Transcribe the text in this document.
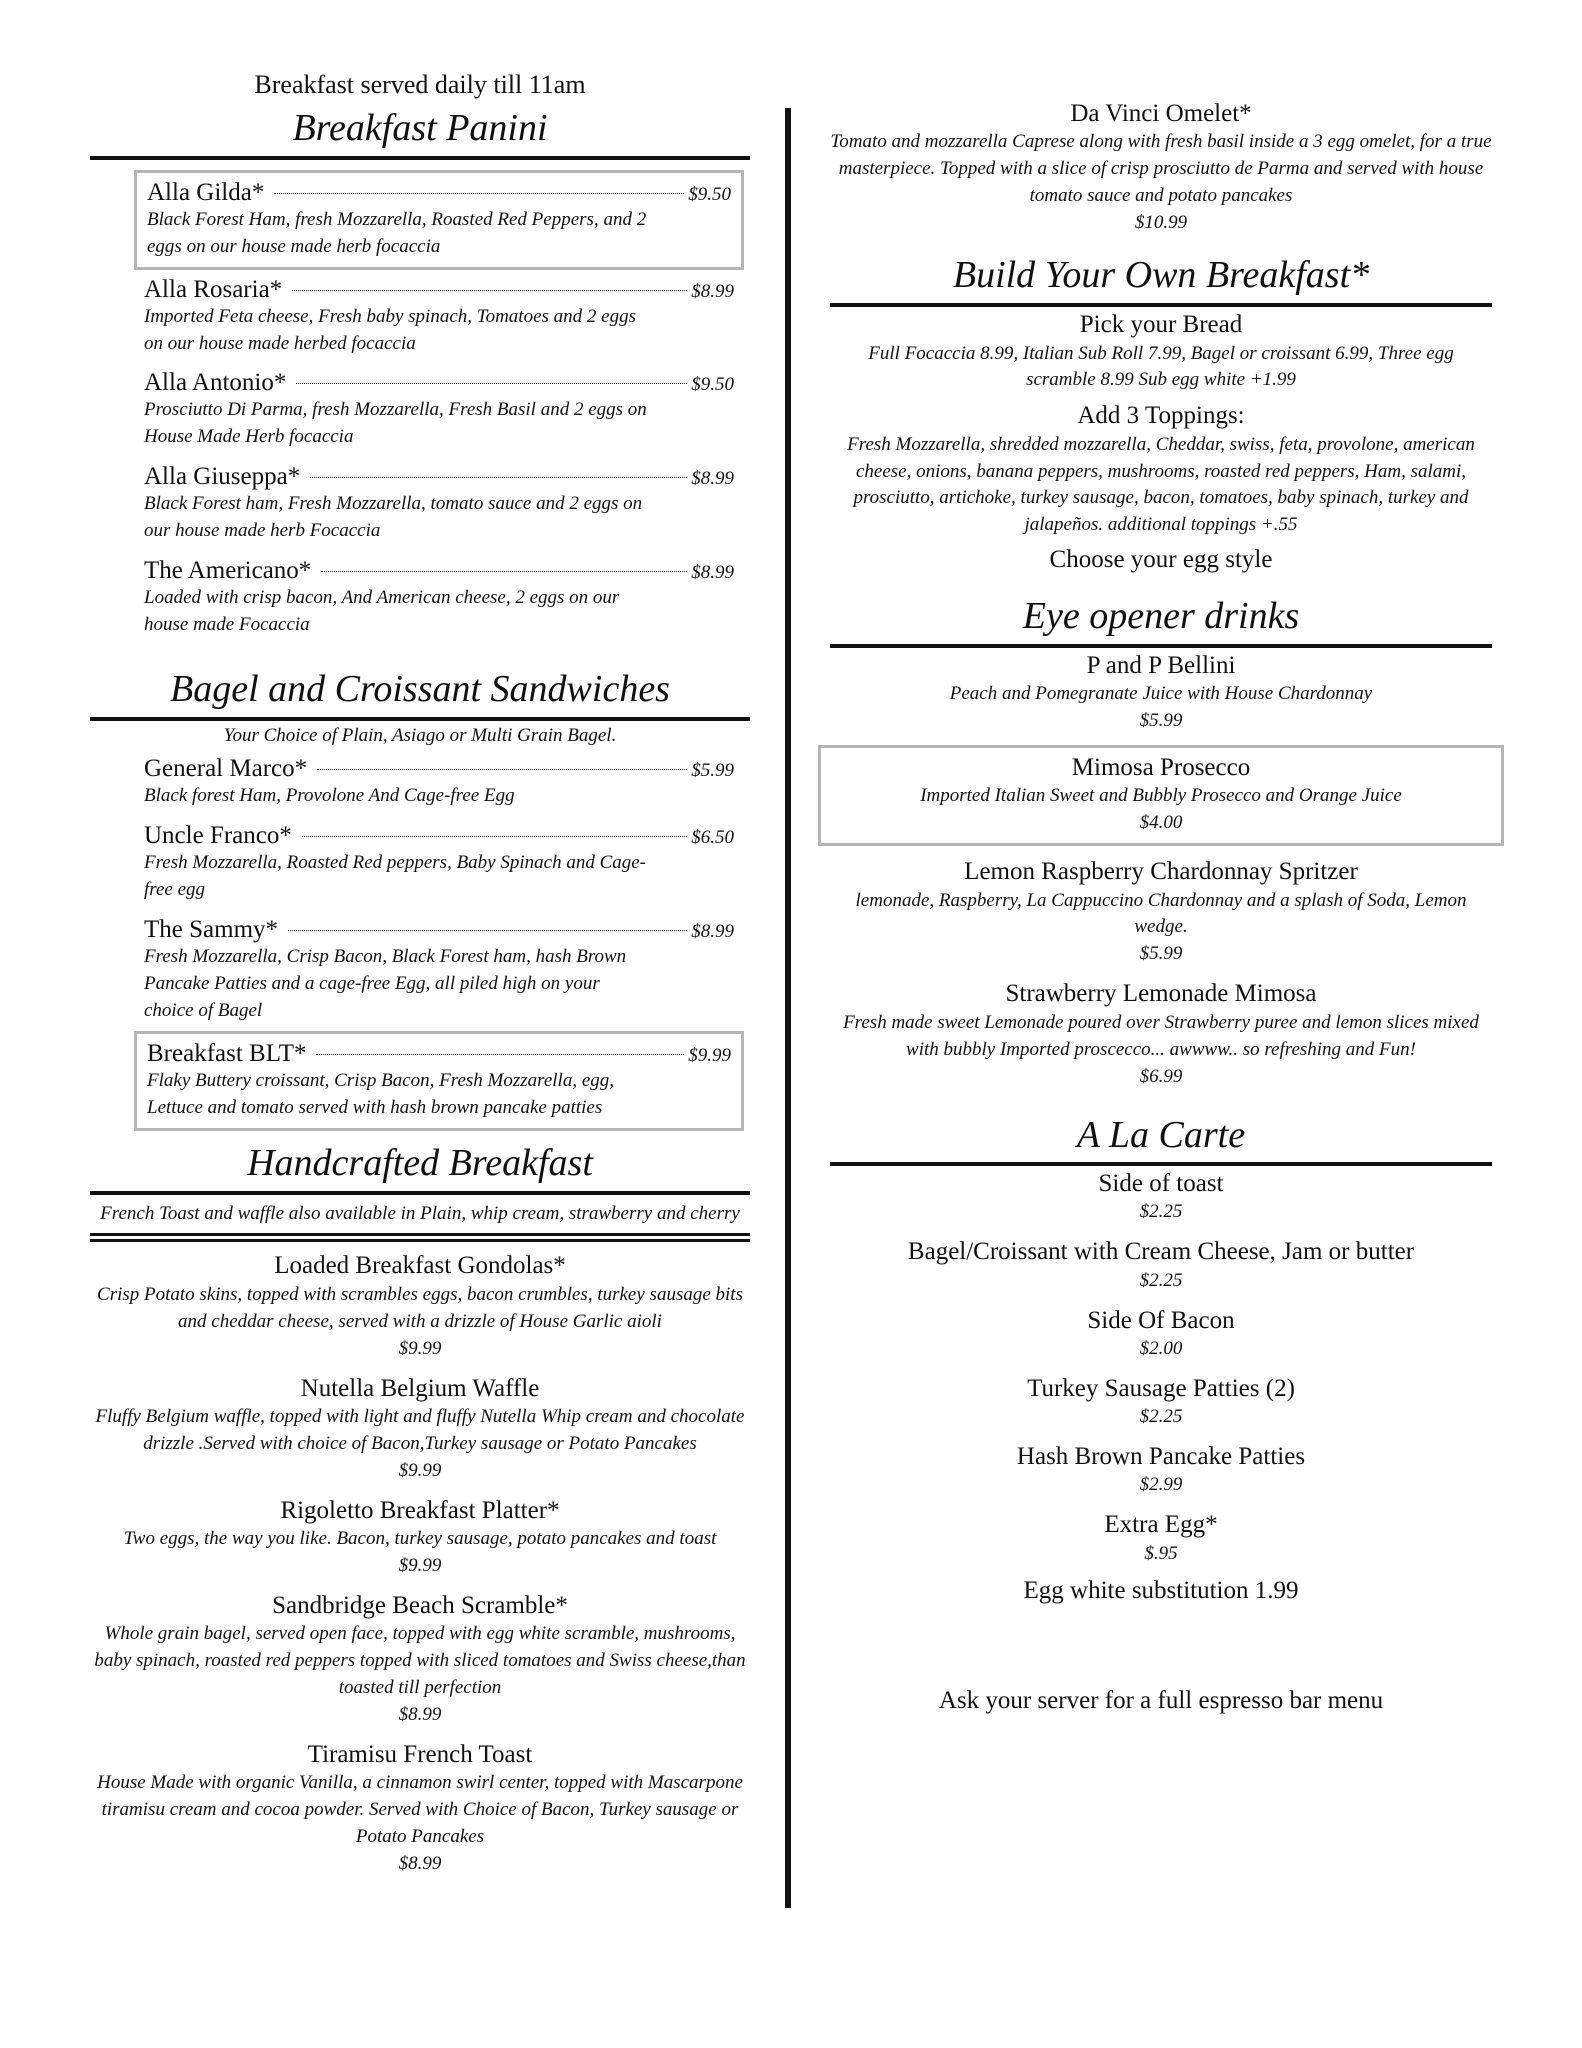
Breakfast served daily till 11am
Breakfast Panini
Alla Gilda*	$9.50
Black Forest Ham, fresh Mozzarella, Roasted Red Peppers, and 2 eggs on our house made herb focaccia
Alla Rosaria*	$8.99
Imported Feta cheese, Fresh baby spinach, Tomatoes and 2 eggs on our house made herbed focaccia
Alla Antonio*	$9.50
Prosciutto Di Parma, fresh Mozzarella, Fresh Basil and 2 eggs on House Made Herb focaccia
Alla Giuseppa*	$8.99
Black Forest ham, Fresh Mozzarella, tomato sauce and 2 eggs on our house made herb Focaccia
The Americano*	$8.99
Loaded with crisp bacon, And American cheese, 2 eggs on our house made Focaccia
Bagel and Croissant Sandwiches
Your Choice of Plain, Asiago or Multi Grain Bagel.
General Marco*	$5.99
Black forest Ham, Provolone And Cage-free Egg
Uncle Franco*	$6.50
Fresh Mozzarella, Roasted Red peppers, Baby Spinach and Cage-free egg
The Sammy*	$8.99
Fresh Mozzarella, Crisp Bacon, Black Forest ham, hash Brown Pancake Patties and a cage-free Egg, all piled high on your choice of Bagel
Breakfast BLT*	$9.99
Flaky Buttery croissant, Crisp Bacon, Fresh Mozzarella, egg, Lettuce and tomato served with hash brown pancake patties
Handcrafted Breakfast
French Toast and waffle also available in Plain, whip cream, strawberry and cherry
Loaded Breakfast Gondolas*
Crisp Potato skins, topped with scrambles eggs, bacon crumbles, turkey sausage bits and cheddar cheese, served with a drizzle of House Garlic aioli
$9.99
Nutella Belgium Waffle
Fluffy Belgium waffle, topped with light and fluffy Nutella Whip cream and chocolate drizzle .Served with choice of Bacon,Turkey sausage or Potato Pancakes
$9.99
Rigoletto Breakfast Platter*
Two eggs, the way you like. Bacon, turkey sausage, potato pancakes and toast
$9.99
Sandbridge Beach Scramble*
Whole grain bagel, served open face, topped with egg white scramble, mushrooms, baby spinach, roasted red peppers topped with sliced tomatoes and Swiss cheese,than toasted till perfection
$8.99
Tiramisu French Toast
House Made with organic Vanilla, a cinnamon swirl center, topped with Mascarpone tiramisu cream and cocoa powder. Served with Choice of Bacon, Turkey sausage or Potato Pancakes
$8.99
Da Vinci Omelet*
Tomato and mozzarella Caprese along with fresh basil inside a 3 egg omelet, for a true masterpiece. Topped with a slice of crisp prosciutto de Parma and served with house tomato sauce and potato pancakes
$10.99
Build Your Own Breakfast*
Pick your Bread
Full Focaccia 8.99, Italian Sub Roll 7.99, Bagel or croissant 6.99, Three egg scramble 8.99 Sub egg white +1.99
Add 3 Toppings:
Fresh Mozzarella, shredded mozzarella, Cheddar, swiss, feta, provolone, american cheese, onions, banana peppers, mushrooms, roasted red peppers, Ham, salami, prosciutto, artichoke, turkey sausage, bacon, tomatoes, baby spinach, turkey and jalapeños. additional toppings +.55
Choose your egg style
Eye opener drinks
P and P Bellini
Peach and Pomegranate Juice with House Chardonnay
$5.99
Mimosa Prosecco
Imported Italian Sweet and Bubbly Prosecco and Orange Juice
$4.00
Lemon Raspberry Chardonnay Spritzer
lemonade, Raspberry, La Cappuccino Chardonnay and a splash of Soda, Lemon wedge.
$5.99
Strawberry Lemonade Mimosa
Fresh made sweet Lemonade poured over Strawberry puree and lemon slices mixed with bubbly Imported proscecco... awwww.. so refreshing and Fun!
$6.99
A La Carte
Side of toast
$2.25
Bagel/Croissant with Cream Cheese, Jam or butter
$2.25
Side Of Bacon
$2.00
Turkey Sausage Patties (2)
$2.25
Hash Brown Pancake Patties
$2.99
Extra Egg*
$.95
Egg white substitution 1.99
Ask your server for a full espresso bar menu
